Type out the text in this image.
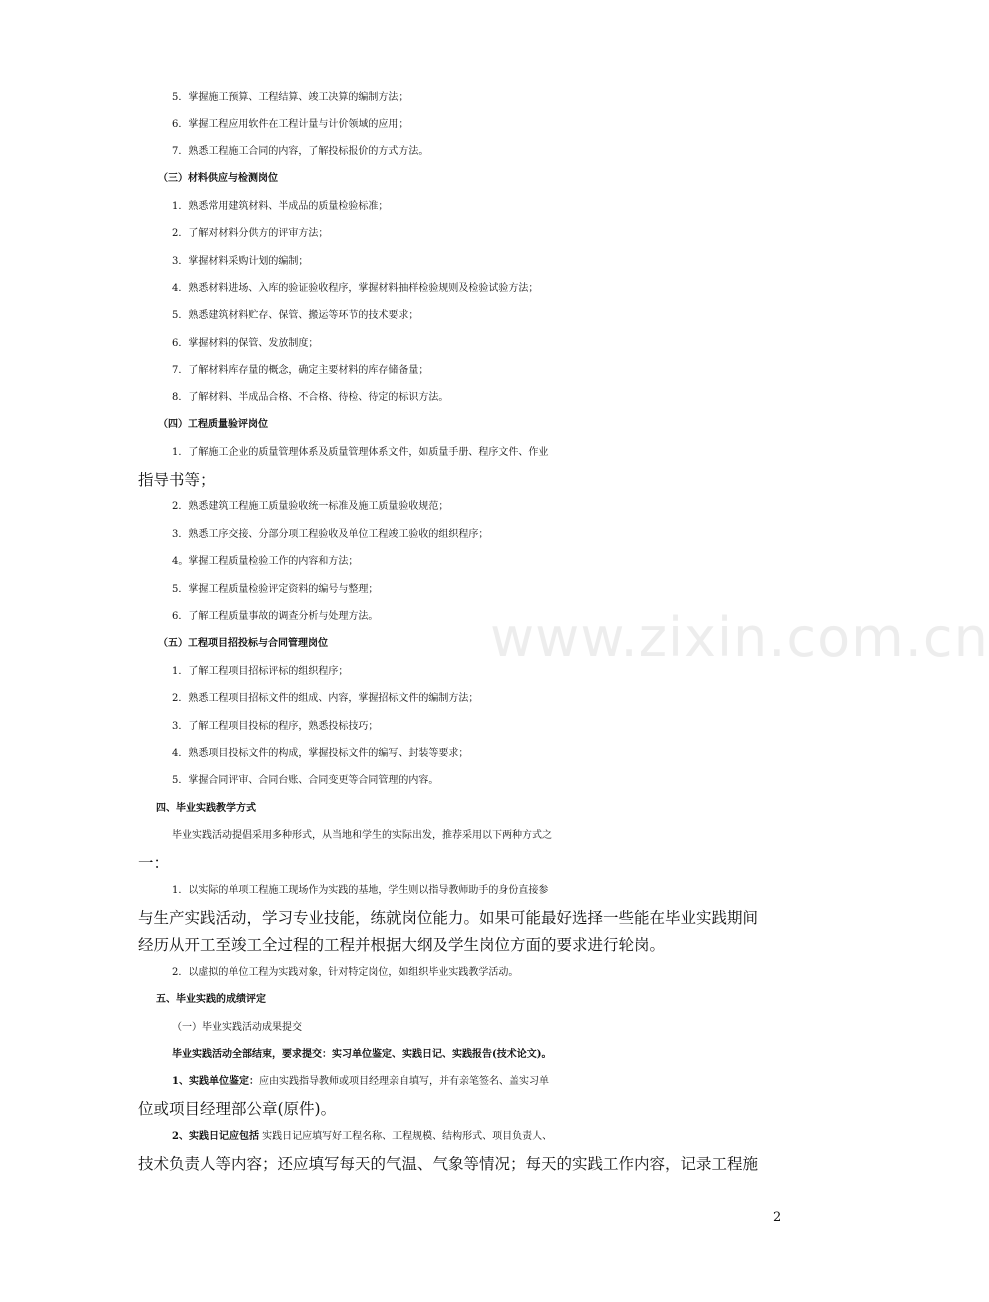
5．掌握施工预算、工程结算、竣工决算的编制方法；
6．掌握工程应用软件在工程计量与计价领域的应用；
7．熟悉工程施工合同的内容，了解投标报价的方式方法。
（三）材料供应与检测岗位
1．熟悉常用建筑材料、半成品的质量检验标准；
2．了解对材料分供方的评审方法；
3．掌握材料采购计划的编制；
4．熟悉材料进场、入库的验证验收程序，掌握材料抽样检验规则及检验试验方法；
5．熟悉建筑材料贮存、保管、搬运等环节的技术要求；
6．掌握材料的保管、发放制度；
7．了解材料库存量的概念，确定主要材料的库存储备量；
8．了解材料、半成品合格、不合格、待检、待定的标识方法。
（四）工程质量验评岗位
1．了解施工企业的质量管理体系及质量管理体系文件，如质量手册、程序文件、作业
指导书等；
2．熟悉建筑工程施工质量验收统一标准及施工质量验收规范；
3．熟悉工序交接、分部分项工程验收及单位工程竣工验收的组织程序；
4。掌握工程质量检验工作的内容和方法；
5．掌握工程质量检验评定资料的编号与整理；
6．了解工程质量事故的调查分析与处理方法。
（五）工程项目招投标与合同管理岗位
1．了解工程项目招标评标的组织程序；
2．熟悉工程项目招标文件的组成、内容，掌握招标文件的编制方法；
3．了解工程项目投标的程序，熟悉投标技巧；
4．熟悉项目投标文件的构成，掌握投标文件的编写、封装等要求；
5．掌握合同评审、合同台账、合同变更等合同管理的内容。
四、毕业实践教学方式
毕业实践活动提倡采用多种形式，从当地和学生的实际出发，推荐采用以下两种方式之
一：
1．以实际的单项工程施工现场作为实践的基地，学生则以指导教师助手的身份直接参
与生产实践活动，学习专业技能，练就岗位能力。如果可能最好选择一些能在毕业实践期间
经历从开工至竣工全过程的工程并根据大纲及学生岗位方面的要求进行轮岗。
2．以虚拟的单位工程为实践对象，针对特定岗位，如组织毕业实践教学活动。
五、毕业实践的成绩评定
（一）毕业实践活动成果提交
毕业实践活动全部结束，要求提交：实习单位鉴定、实践日记、实践报告(技术论文)。
1、实践单位鉴定：应由实践指导教师或项目经理亲自填写，并有亲笔签名、盖实习单
位或项目经理部公章(原件)。
2、实践日记应包括 实践日记应填写好工程名称、工程规模、结构形式、项目负责人、
技术负责人等内容；还应填写每天的气温、气象等情况；每天的实践工作内容，记录工程施
www.zixin.com.cn
2
